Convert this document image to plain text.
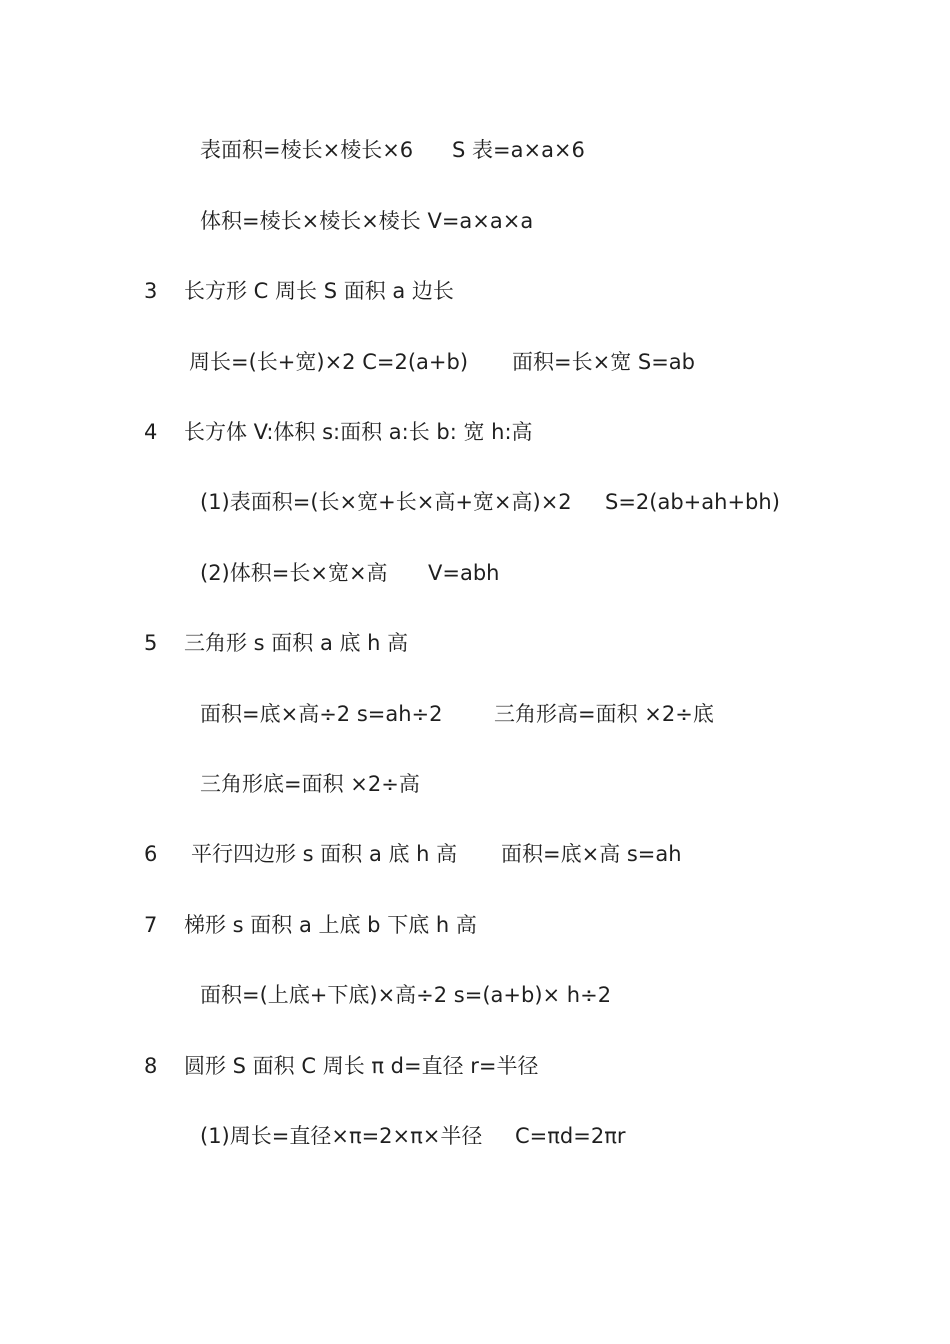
表面积=棱长×棱长×6 S 表=a×a×6
体积=棱长×棱长×棱长 V=a×a×a
3 长方形 C 周长 S 面积 a 边长
周长=(长+宽)×2 C=2(a+b) 面积=长×宽 S=ab
4 长方体 V:体积 s:面积 a:长 b: 宽 h:高
(1)表面积=(长×宽+长×高+宽×高)×2 S=2(ab+ah+bh)
(2)体积=长×宽×高 V=abh
5 三角形 s 面积 a 底 h 高
面积=底×高÷2 s=ah÷2 三角形高=面积 ×2÷底
三角形底=面积 ×2÷高
6 平行四边形 s 面积 a 底 h 高 面积=底×高 s=ah
7 梯形 s 面积 a 上底 b 下底 h 高
面积=(上底+下底)×高÷2 s=(a+b)× h÷2
8 圆形 S 面积 C 周长 π d=直径 r=半径
(1)周长=直径×π=2×π×半径 C=πd=2πr
